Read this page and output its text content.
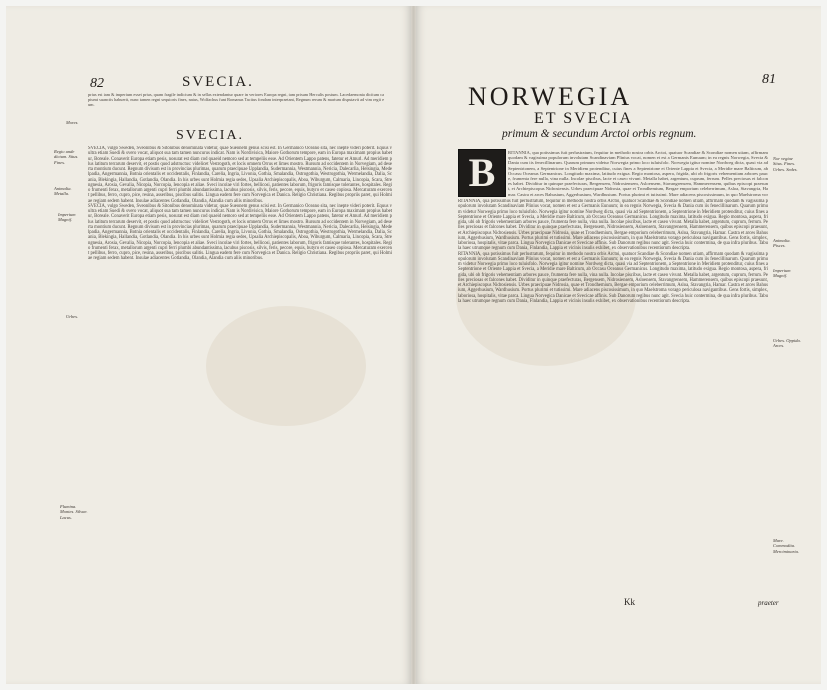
82	SVECIA.

prius est iam & imperium esset prius, quam fragile indicium & in sellas extendantur quare in veriores Europa regni, tam prisum Herculis postum. Lacedaemonia dicitum capiumt suanctis habuerit, nunc tamen regni sequioris fines, natus, Wolfachus funt Romanus Tacitus fondam interpraetant, Regnum rerum & marium disputavit ad vim regii eum.

SVECIA.

SVECIA, vulgo Sweden, Sveonibus & Sitonibus denominata videtur, quae Sueonem genus scisi est. In Germanico Oceano sita, nec inepte videri poterit. Equus vultra etiam Suedi & svero vocat, aliquot sua tam tamen nuncurus indicat. Nam is Nordivisica, Maiore Gothorum tempore, eam in Europa maximam propius habetur, Boreale. Conaverit Europa etiam pesis, nosurat est diam cod quaeid nemoro sed at tempeliis esse. Ad Orientem Lappo patens, fatetur et Amurl. Ad meridiem plus latitum terrarum deservit, et postis quod adstructus: videlicet Vestrogoth, et locis omnem Orrus et limes mostro. Rursum ad occidentem in Norvegiam, ad deserta montium ducunt. Regnum divisum est in provincias plurimas, quarum praecipuae Upplandia, Sudermannia, Westmannia, Nericia, Dalecarlia, Helsingia, Medelpadia, Angermannia, Botnia orientalis et occidentalis, Finlandia, Carelia, Ingria, Livonia, Gothia, Smalandia, Ostrogothia, Westrogothia, Wermelandia, Dalia, Scania, Blekingia, Hallandia, Gotlandia, Olandia. In his urbes sunt Holmia regia sedes, Upsalia Archiepiscopalis, Aboa, Wiburgum, Calmaria, Lincopia, Scara, Strengnesia, Arosia, Gevalia, Nicopia, Norcopia, Iencopia et aliae. Sveci incolae viri fortes, bellicosi, patientes laborum, frigoris famisque tolerantes, hospitales. Regio frumenti ferax, metallorum argenti cupri ferri plumbi abundantissima, lacubus piscosis, silvis, feris, pecore, equis, butyro et caseo copiosa. Mercaturam exercent pellibus, ferro, cupro, pice, resina, asseribus, piscibus salitis. Lingua eadem fere cum Norvegica et Danica. Religio Christiana. Regibus propriis paret, qui Holmiae regiam sedem habent. Insulae adiacentes Gotlandia, Olandia, Alandia cum aliis minoribus.

SVECIA, vulgo Sweden, Sveonibus & Sitonibus denominata videtur, quae Sueonem genus scisi est. In Germanico Oceano sita, nec inepte videri poterit. Equus vultra etiam Suedi & svero vocat, aliquot sua tam tamen nuncurus indicat. Nam is Nordivisica, Maiore Gothorum tempore, eam in Europa maximam propius habetur, Boreale. Conaverit Europa etiam pesis, nosurat est diam cod quaeid nemoro sed at tempeliis esse. Ad Orientem Lappo patens, fatetur et Amurl. Ad meridiem plus latitum terrarum deservit, et postis quod adstructus: videlicet Vestrogoth, et locis omnem Orrus et limes mostro. Rursum ad occidentem in Norvegiam, ad deserta montium ducunt. Regnum divisum est in provincias plurimas, quarum praecipuae Upplandia, Sudermannia, Westmannia, Nericia, Dalecarlia, Helsingia, Medelpadia, Angermannia, Botnia orientalis et occidentalis, Finlandia, Carelia, Ingria, Livonia, Gothia, Smalandia, Ostrogothia, Westrogothia, Wermelandia, Dalia, Scania, Blekingia, Hallandia, Gotlandia, Olandia. In his urbes sunt Holmia regia sedes, Upsalia Archiepiscopalis, Aboa, Wiburgum, Calmaria, Lincopia, Scara, Strengnesia, Arosia, Gevalia, Nicopia, Norcopia, Iencopia et aliae. Sveci incolae viri fortes, bellicosi, patientes laborum, frigoris famisque tolerantes, hospitales. Regio frumenti ferax, metallorum argenti cupri ferri plumbi abundantissima, lacubus piscosis, silvis, feris, pecore, equis, butyro et caseo copiosa. Mercaturam exercent pellibus, ferro, cupro, pice, resina, asseribus, piscibus salitis. Lingua eadem fere cum Norvegica et Danica. Religio Christiana. Regibus propriis paret, qui Holmiae regiam sedem habent. Insulae adiacentes Gotlandia, Olandia, Alandia cum aliis minoribus.

Mores.
Regio unde dictum. Situs. Fines.
Animalia. Metalla.
Imperium Magnif.
Urbes.
Flumina. Montes. Silvae. Lacus.
81
NORWEGIA
ET SVECIA
primum & secundum Arctoi orbis regnum.
B	RITANNIA, qua potissimus fuit perlustratum, fequitur in methodo nostra orbis Arctoi, quatuor Scandiae & Scondiae nomen utiam, affirmam quodam & vagissima populorum involutam Scandinaviam Plinius vocat, nomen et est a Germanis Eunuum; in ea regnis Norwegia, Svecia & Dania cum iis fenecillinarum. Quarum primum videtur Norwegia primo loco tuluisfolo. Norwegia igitur nomine Nordweg dicta, quasi via ad Septentrionem, a Septentrione in Meridiem protenditur, cuius fines a Septentrione et Oriente Lappia et Svecia, a Meridie mare Balticum, ab Occasu Oceanus Germanicus. Longitudo maxima, latitudo exigua. Regio montosa, aspera, frigida, ubi ob frigoris vehementiam arbores pauce, frumenta fere nulla, vina nulla. Incolae piscibus, lacte et caseo vivunt. Metalla habet, argentum, cuprum, ferrum. Pelles preciosas et falcones habet. Dividitur in quinque praefecturas, Bergensem, Nidrosiensem, Asloensem, Stavangrensem, Hammerensem, quibus episcopi praesunt, et Archiepiscopus Nidrosiensis. Urbes praecipuae Nidrosia, quae et Trondhemium, Bergae emporium celeberrimum, Asloa, Stavangria, Hamar. Castra et arces Bahusium, Aggerhusium, Wardhusium. Portus plurimi et tutissimi. Mare adiacens piscosissimum, in quo Maelstroma vor

RITANNIA, qua potissimus fuit perlustratum, fequitur in methodo nostra orbis Arctoi, quatuor Scandiae & Scondiae nomen utiam, affirmam quodam & vagissima populorum involutam Scandinaviam Plinius vocat, nomen et est a Germanis Eunuum; in ea regnis Norwegia, Svecia & Dania cum iis fenecillinarum. Quarum primum videtur Norwegia primo loco tuluisfolo. Norwegia igitur nomine Nordweg dicta, quasi via ad Septentrionem, a Septentrione in Meridiem protenditur, cuius fines a Septentrione et Oriente Lappia et Svecia, a Meridie mare Balticum, ab Occasu Oceanus Germanicus. Longitudo maxima, latitudo exigua. Regio montosa, aspera, frigida, ubi ob frigoris vehementiam arbores pauce, frumenta fere nulla, vina nulla. Incolae piscibus, lacte et caseo vivunt. Metalla habet, argentum, cuprum, ferrum. Pelles preciosas et falcones habet. Dividitur in quinque praefecturas, Bergensem, Nidrosiensem, Asloensem, Stavangrensem, Hammerensem, quibus episcopi praesunt, et Archiepiscopus Nidrosiensis. Urbes praecipuae Nidrosia, quae et Trondhemium, Bergae emporium celeberrimum, Asloa, Stavangria, Hamar. Castra et arces Bahusium, Aggerhusium, Wardhusium. Portus plurimi et tutissimi. Mare adiacens piscosissimum, in quo Maelstroma vorago periculosa navigantibus. Gens fortis, simplex, laboriosa, hospitalis, vitae parca. Lingua Norvegica Danicae et Svecicae affinis. Sub Danorum regibus nunc agit. Svecia huic contermina, de qua infra pluribus. Tabula haec utrumque regnum cum Dania, Finlandia, Lappia et vicinis insulis exhibet, ex observationibus recentiorum descripta.

RITANNIA, qua potissimus fuit perlustratum, fequitur in methodo nostra orbis Arctoi, quatuor Scandiae & Scondiae nomen utiam, affirmam quodam & vagissima populorum involutam Scandinaviam Plinius vocat, nomen et est a Germanis Eunuum; in ea regnis Norwegia, Svecia & Dania cum iis fenecillinarum. Quarum primum videtur Norwegia primo loco tuluisfolo. Norwegia igitur nomine Nordweg dicta, quasi via ad Septentrionem, a Septentrione in Meridiem protenditur, cuius fines a Septentrione et Oriente Lappia et Svecia, a Meridie mare Balticum, ab Occasu Oceanus Germanicus. Longitudo maxima, latitudo exigua. Regio montosa, aspera, frigida, ubi ob frigoris vehementiam arbores pauce, frumenta fere nulla, vina nulla. Incolae piscibus, lacte et caseo vivunt. Metalla habet, argentum, cuprum, ferrum. Pelles preciosas et falcones habet. Dividitur in quinque praefecturas, Bergensem, Nidrosiensem, Asloensem, Stavangrensem, Hammerensem, quibus episcopi praesunt, et Archiepiscopus Nidrosiensis. Urbes praecipuae Nidrosia, quae et Trondhemium, Bergae emporium celeberrimum, Asloa, Stavangria, Hamar. Castra et arces Bahusium, Aggerhusium, Wardhusium. Portus plurimi et tutissimi. Mare adiacens piscosissimum, in quo Maelstroma vorago periculosa navigantibus. Gens fortis, simplex, laboriosa, hospitalis, vitae parca. Lingua Norvegica Danicae et Svecicae affinis. Sub Danorum regibus nunc agit. Svecia huic contermina, de qua infra pluribus. Tabula haec utrumque regnum cum Dania, Finlandia, Lappia et vicinis insulis exhibet, ex observationibus recentiorum descripta.

Nor vegiae Situs. Fines. Urbes. Sedes.
Animalia. Pisces.
Imperium Magnif.
Urbes. Oppida. Arces.
Mare. Commodita. Merciminaria.
Kk	praeter
